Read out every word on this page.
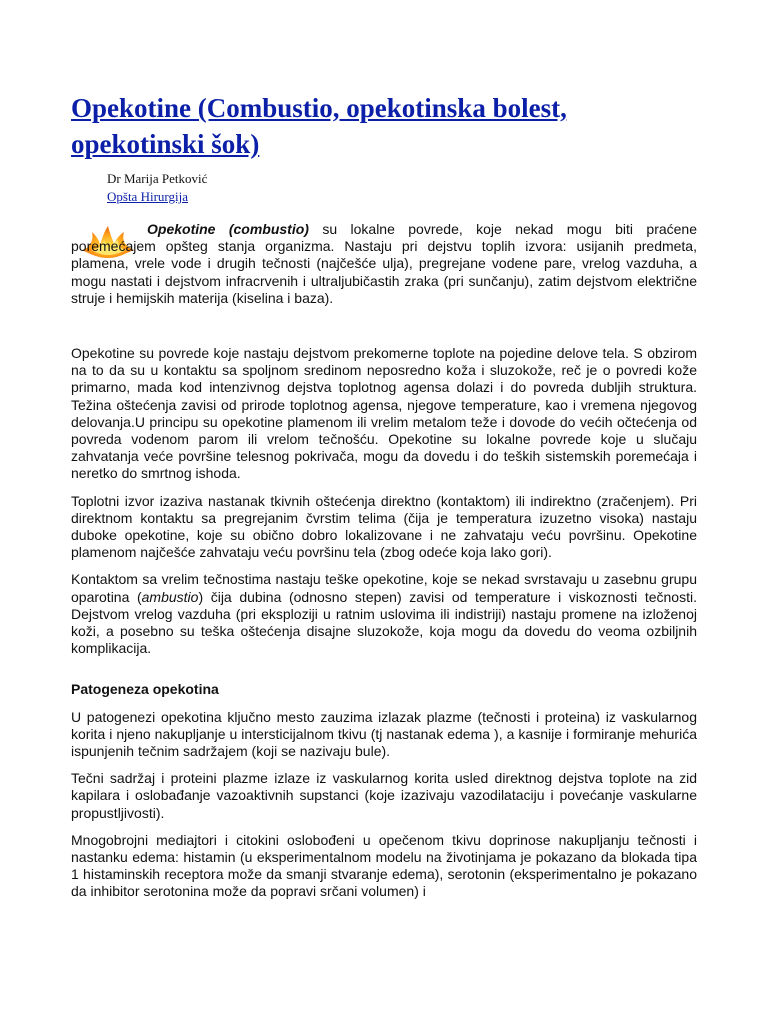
Opekotine (Combustio, opekotinska bolest, opekotinski šok)
Dr Marija Petković
Opšta Hirurgija

Opekotine (combustio) su lokalne povrede, koje nekad mogu biti praćene poremećajem opšteg stanja organizma. Nastaju pri dejstvu toplih izvora: usijanih predmeta, plamena, vrele vode i drugih tečnosti (najčešće ulja), pregrejane vodene pare, vrelog vazduha, a mogu nastati i dejstvom infracrvenih i ultraljubičastih zraka (pri sunčanju), zatim dejstvom električne struje i hemijskih materija (kiselina i baza).

Opekotine su povrede koje nastaju dejstvom prekomerne toplote na pojedine delove tela. S obzirom na to da su u kontaktu sa spoljnom sredinom neposredno koža i sluzokože, reč je o povredi kože primarno, mada kod intenzivnog dejstva toplotnog agensa dolazi i do povreda dubljih struktura. Težina oštećenja zavisi od prirode toplotnog agensa, njegove temperature, kao i vremena njegovog delovanja.U principu su opekotine plamenom ili vrelim metalom teže i dovode do većih očtećenja od povreda vodenom parom ili vrelom tečnošću. Opekotine su lokalne povrede koje u slučaju zahvatanja veće površine telesnog pokrivača, mogu da dovedu i do teških sistemskih poremećaja i neretko do smrtnog ishoda.

Toplotni izvor izaziva nastanak tkivnih oštećenja direktno (kontaktom) ili indirektno (zračenjem). Pri direktnom kontaktu sa pregrejanim čvrstim telima (čija je temperatura izuzetno visoka) nastaju duboke opekotine, koje su obično dobro lokalizovane i ne zahvataju veću površinu. Opekotine plamenom najčešće zahvataju veću površinu tela (zbog odeće koja lako gori).

Kontaktom sa vrelim tečnostima nastaju teške opekotine, koje se nekad svrstavaju u zasebnu grupu oparotina (ambustio) čija dubina (odnosno stepen) zavisi od temperature i viskoznosti tečnosti. Dejstvom vrelog vazduha (pri eksploziji u ratnim uslovima ili indistriji) nastaju promene na izloženoj koži, a posebno su teška oštećenja disajne sluzokože, koja mogu da dovedu do veoma ozbiljnih komplikacija.

Patogeneza opekotina

U patogenezi opekotina ključno mesto zauzima izlazak plazme (tečnosti i proteina) iz vaskularnog korita i njeno nakupljanje u intersticijalnom tkivu (tj nastanak edema ), a kasnije i formiranje mehurića ispunjenih tečnim sadržajem (koji se nazivaju bule).

Tečni sadržaj i proteini plazme izlaze iz vaskularnog korita usled direktnog dejstva toplote na zid kapilara i oslobađanje vazoaktivnih supstanci (koje izazivaju vazodilataciju i povećanje vaskularne propustljivosti).

Mnogobrojni mediajtori i citokini oslobođeni u opečenom tkivu doprinose nakupljanju tečnosti i nastanku edema: histamin (u eksperimentalnom modelu na životinjama je pokazano da blokada tipa 1 histaminskih receptora može da smanji stvaranje edema), serotonin (eksperimentalno je pokazano da inhibitor serotonina može da popravi srčani volumen) i
